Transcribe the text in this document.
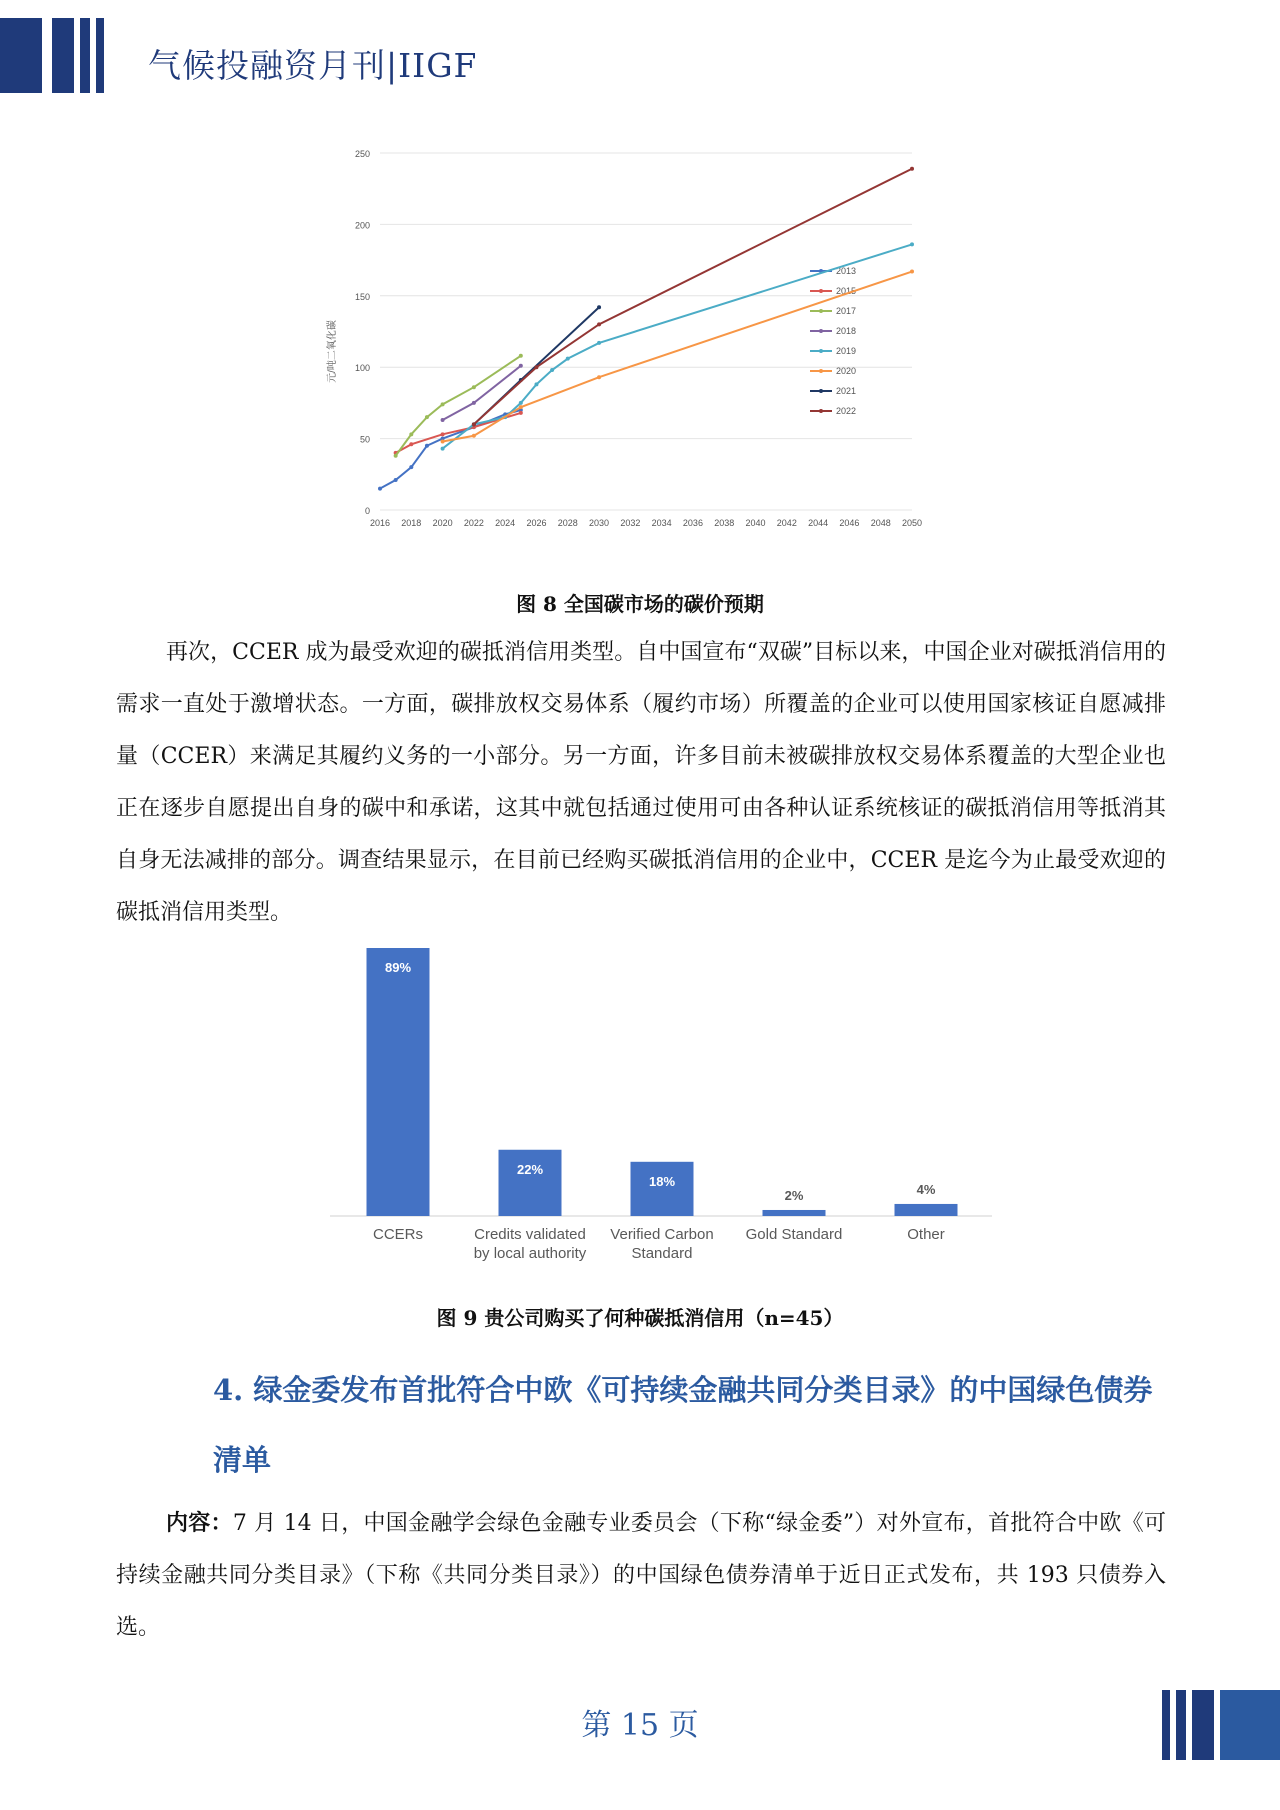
气候投融资月刊|IIGF
0
50
100
150
200
250
2016 2018 2020 2022 2024 2026 2028 2030 2032 2034 2036 2038 2040 2042 2044 2046 2048 2050
元/吨二氧化碳
2013
2015
2017
2018
2019
2020
2021
2022
图 8 全国碳市场的碳价预期

再次，CCER 成为最受欢迎的碳抵消信用类型。自中国宣布“双碳”目标以来，中国企业对碳抵消信用的需求一直处于激增状态。一方面，碳排放权交易体系（履约市场）所覆盖的企业可以使用国家核证自愿减排量（CCER）来满足其履约义务的一小部分。另一方面，许多目前未被碳排放权交易体系覆盖的大型企业也正在逐步自愿提出自身的碳中和承诺，这其中就包括通过使用可由各种认证系统核证的碳抵消信用等抵消其自身无法减排的部分。调查结果显示，在目前已经购买碳抵消信用的企业中，CCER 是迄今为止最受欢迎的碳抵消信用类型。

89%
CCERs
22%
Credits validated
by local authority
18%
Verified Carbon
Standard
2%
Gold Standard
4%
Other
图 9 贵公司购买了何种碳抵消信用（n=45）
4. 绿金委发布首批符合中欧《可持续金融共同分类目录》的中国绿色债券清单

内容：7 月 14 日，中国金融学会绿色金融专业委员会（下称“绿金委”）对外宣布，首批符合中欧《可持续金融共同分类目录》（下称《共同分类目录》）的中国绿色债券清单于近日正式发布，共 193 只债券入选。

第 15 页
